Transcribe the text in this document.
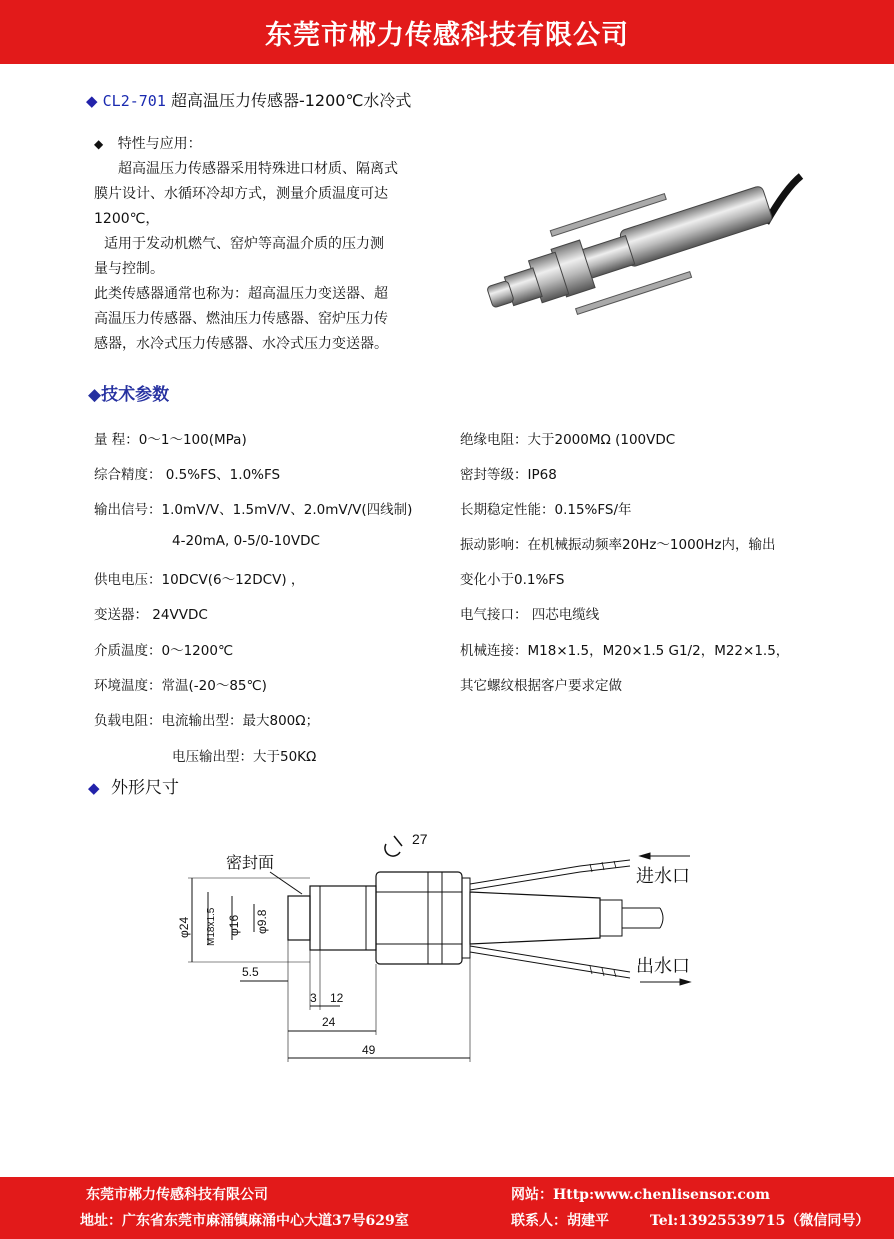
东莞市郴力传感科技有限公司
◆ CL2-701 超高温压力传感器-1200℃水冷式

◆ 特性与应用：

超高温压力传感器采用特殊进口材质、隔离式

膜片设计、水循环冷却方式，测量介质温度可达

1200℃，

适用于发动机燃气、窑炉等高温介质的压力测

量与控制。

此类传感器通常也称为：超高温压力变送器、超

高温压力传感器、燃油压力传感器、窑炉压力传

感器，水冷式压力传感器、水冷式压力变送器。

◆技术参数
量 程：0～1～100(MPa)
综合精度： 0.5%FS、1.0%FS
输出信号：1.0mV/V、1.5mV/V、2.0mV/V(四线制)
4-20mA, 0-5/0-10VDC
供电电压：10DCV(6～12DCV) ，
变送器： 24VVDC
介质温度：0～1200℃
环境温度：常温(-20～85℃)
负载电阻：电流输出型：最大800Ω；
电压输出型：大于50KΩ
绝缘电阻：大于2000MΩ (100VDC
密封等级：IP68
长期稳定性能：0.15%FS/年
振动影响：在机械振动频率20Hz～1000Hz内，输出
变化小于0.1%FS
电气接口： 四芯电缆线
机械连接：M18×1.5，M20×1.5 G1/2，M22×1.5，
其它螺纹根据客户要求定做
◆ 外形尺寸
密封面
27
进水口
出水口
φ24 M18x1.5 φ16 φ9.8
5.5
3 12
24
49
东莞市郴力传感科技有限公司	网站：Http:www.chenlisensor.com
地址：广东省东莞市麻涌镇麻涌中心大道37号629室	联系人：胡建平	Tel:13925539715（微信同号）
